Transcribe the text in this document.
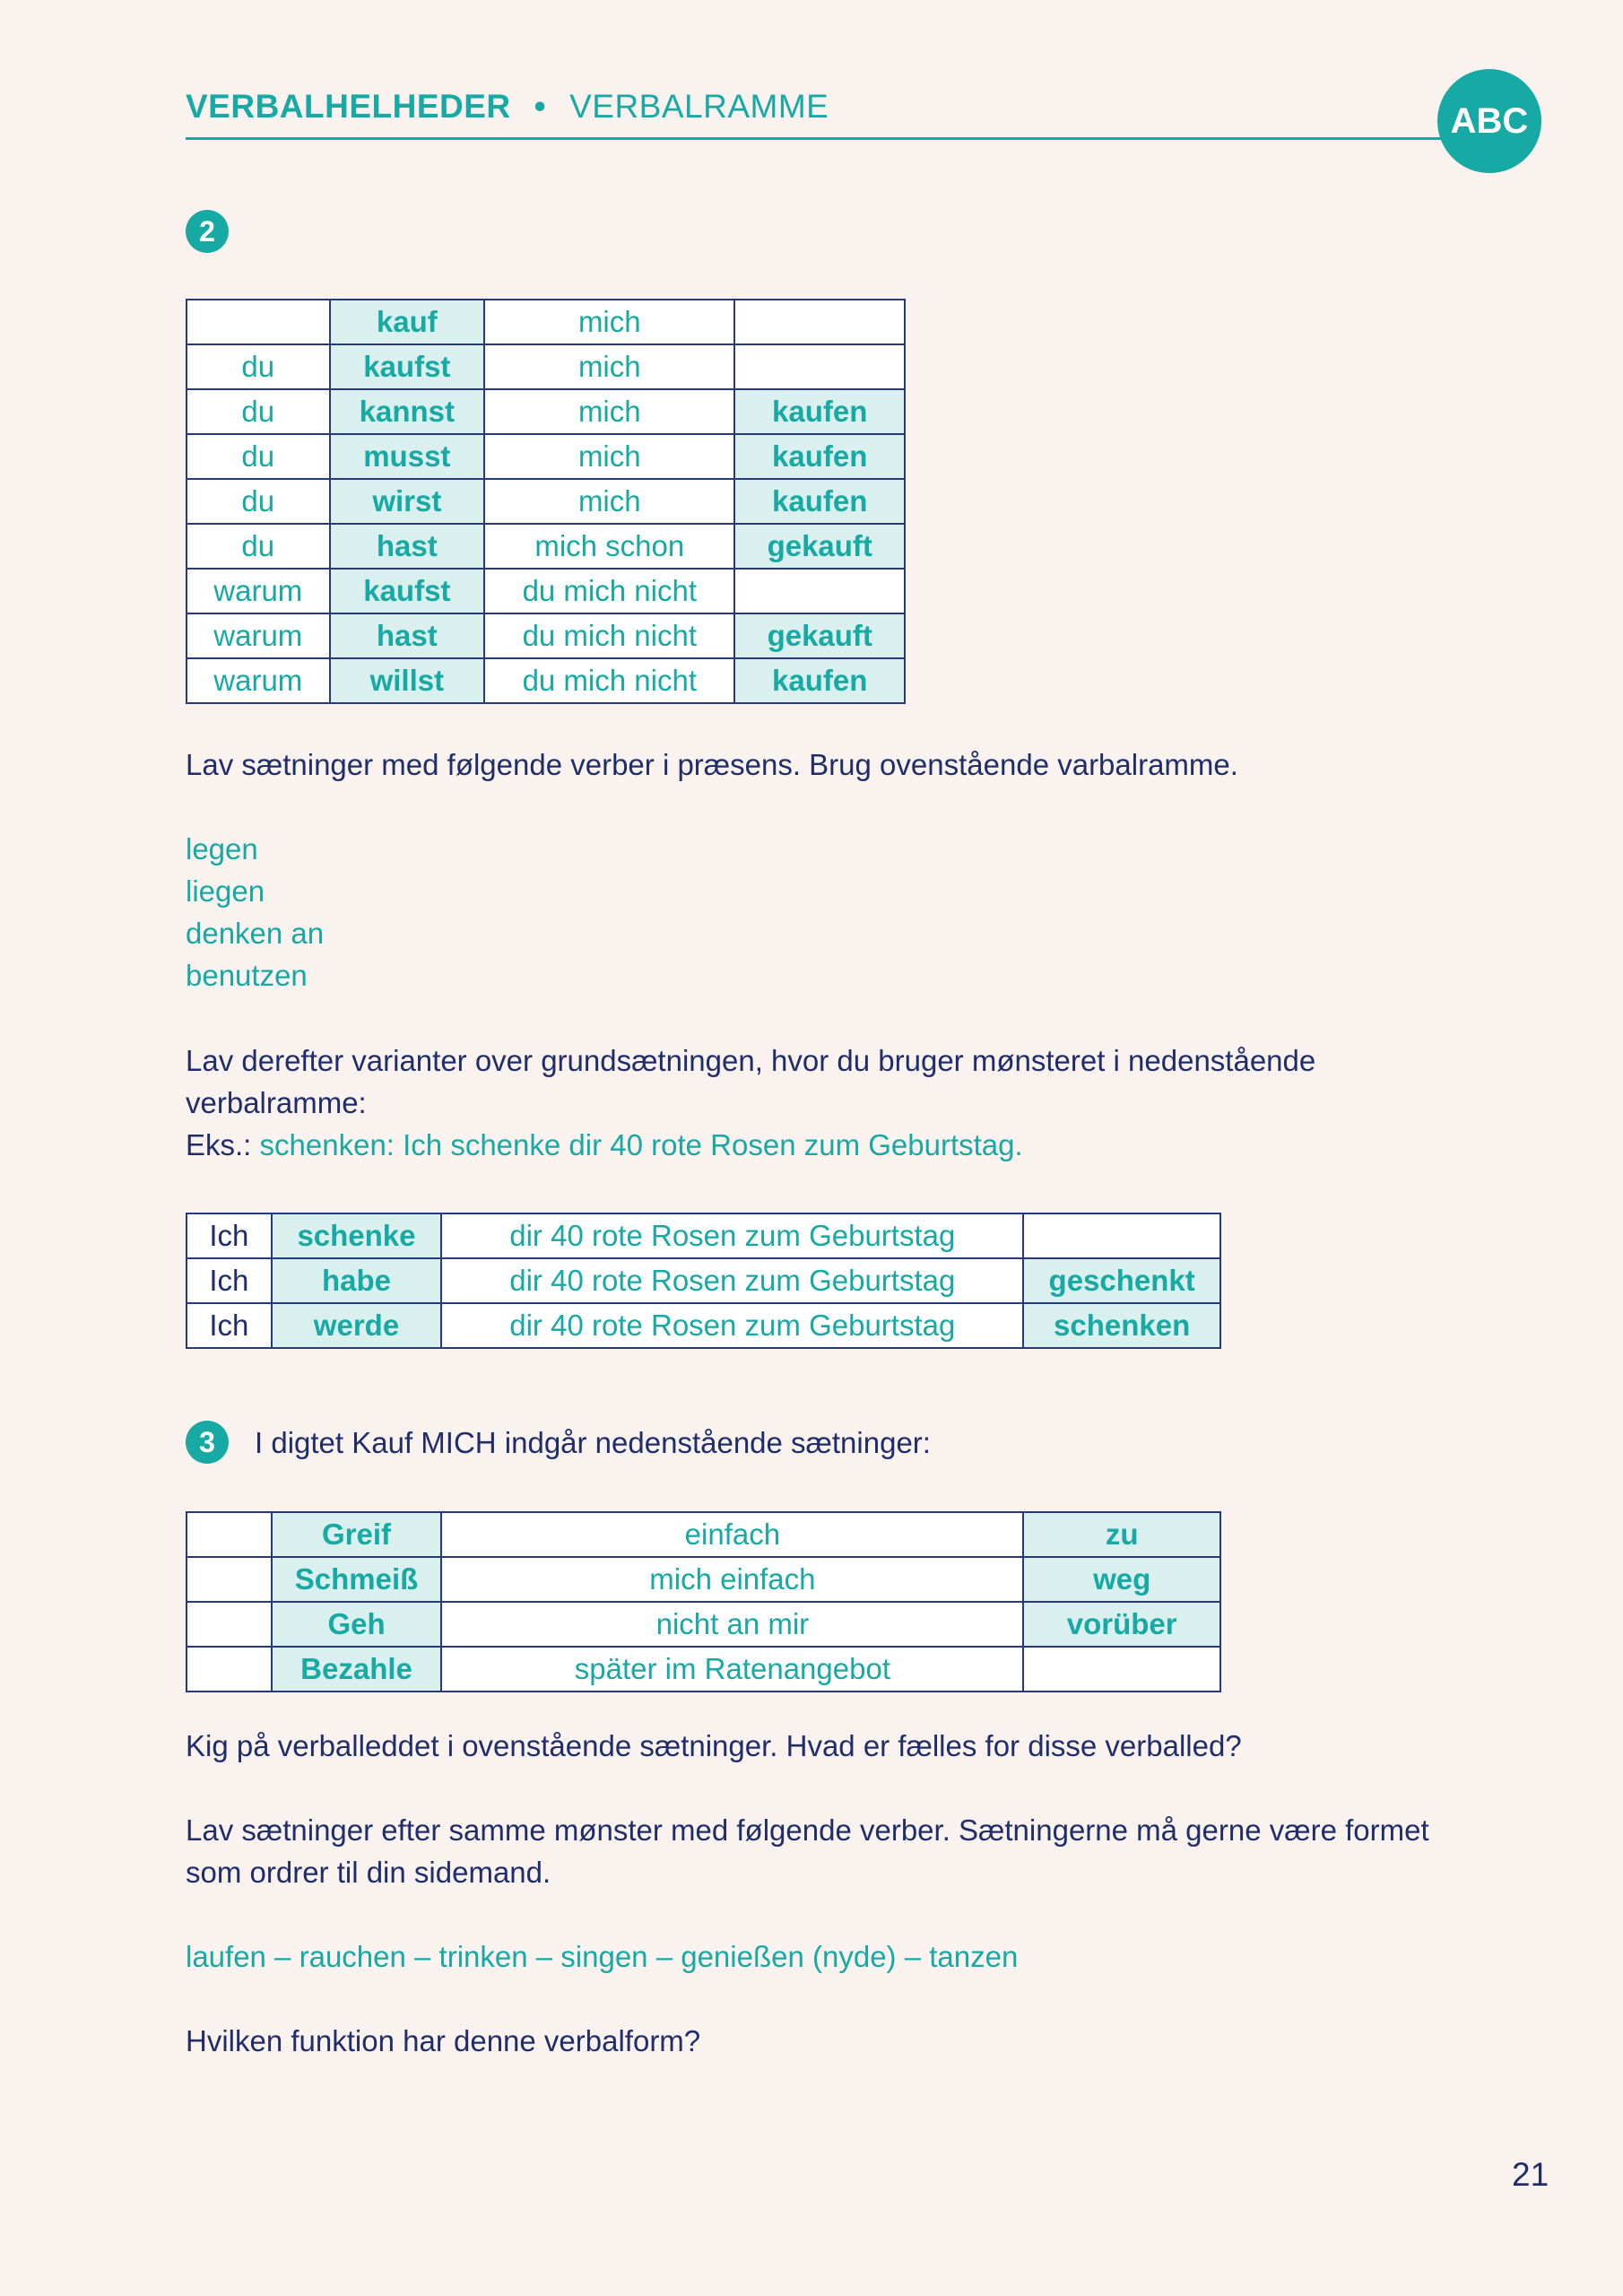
VERBALHELHEDER • VERBALRAMME	ABC
2
	kauf	mich	
du	kaufst	mich	
du	kannst	mich	kaufen
du	musst	mich	kaufen
du	wirst	mich	kaufen
du	hast	mich schon	gekauft
warum	kaufst	du mich nicht	
warum	hast	du mich nicht	gekauft
warum	willst	du mich nicht	kaufen
Lav sætninger med følgende verber i præsens. Brug ovenstående varbalramme.
legen
liegen
denken an
benutzen
Lav derefter varianter over grundsætningen, hvor du bruger mønsteret i nedenstående
verbalramme:
Eks.: schenken: Ich schenke dir 40 rote Rosen zum Geburtstag.
Ich	schenke	dir 40 rote Rosen zum Geburtstag	
Ich	habe	dir 40 rote Rosen zum Geburtstag	geschenkt
Ich	werde	dir 40 rote Rosen zum Geburtstag	schenken
3	I digtet Kauf MICH indgår nedenstående sætninger:
	Greif	einfach	zu
	Schmeiß	mich einfach	weg
	Geh	nicht an mir	vorüber
	Bezahle	später im Ratenangebot	
Kig på verballeddet i ovenstående sætninger. Hvad er fælles for disse verballed?
Lav sætninger efter samme mønster med følgende verber. Sætningerne må gerne være formet
som ordrer til din sidemand.
laufen – rauchen – trinken – singen – genießen (nyde) – tanzen
Hvilken funktion har denne verbalform?
21
